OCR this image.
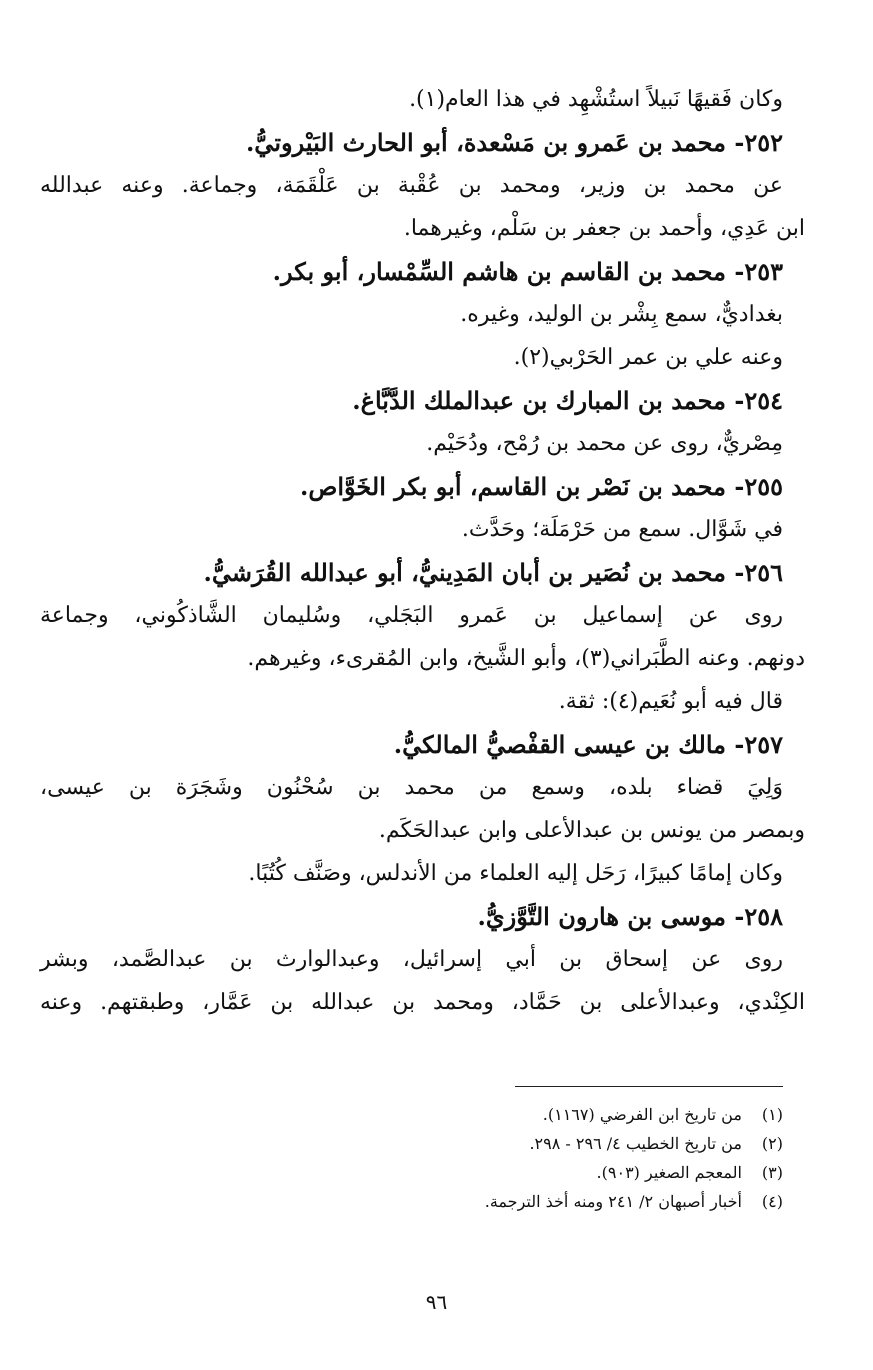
وكان فَقيهًا نَبيلاً استُشْهِد في هذا العام(١).
٢٥٢- محمد بن عَمرو بن مَسْعدة، أبو الحارث البَيْروتيُّ.
عن محمد بن وزير، ومحمد بن عُقْبة بن عَلْقَمَة، وجماعة. وعنه عبدالله
ابن عَدِي، وأحمد بن جعفر بن سَلْم، وغيرهما.
٢٥٣- محمد بن القاسم بن هاشم السِّمْسار، أبو بكر.
بغداديٌّ، سمع بِشْر بن الوليد، وغيره.
وعنه علي بن عمر الحَرْبي(٢).
٢٥٤- محمد بن المبارك بن عبدالملك الدَّبَّاغ.
مِصْريٌّ، روى عن محمد بن رُمْح، ودُحَيْم.
٢٥٥- محمد بن نَصْر بن القاسم، أبو بكر الخَوَّاص.
في شَوَّال. سمع من حَرْمَلَة؛ وحَدَّث.
٢٥٦- محمد بن نُصَير بن أبان المَدِينيُّ، أبو عبدالله القُرَشيُّ.
روى عن إسماعيل بن عَمرو البَجَلي، وسُليمان الشَّاذكُوني، وجماعة
دونهم. وعنه الطَّبَراني(٣)، وأبو الشَّيخ، وابن المُقرىء، وغيرهم.
قال فيه أبو نُعَيم(٤): ثقة.
٢٥٧- مالك بن عيسى القفْصيُّ المالكيُّ.
وَلِيَ قضاء بلده، وسمع من محمد بن سُحْنُون وشَجَرَة بن عيسى،
وبمصر من يونس بن عبدالأعلى وابن عبدالحَكَم.
وكان إمامًا كبيرًا، رَحَل إليه العلماء من الأندلس، وصَنَّف كُتُبًا.
٢٥٨- موسى بن هارون التَّوَّزيُّ.
روى عن إسحاق بن أبي إسرائيل، وعبدالوارث بن عبدالصَّمد، وبشر
الكِنْدي، وعبدالأعلى بن حَمَّاد، ومحمد بن عبدالله بن عَمَّار، وطبقتهم. وعنه
(١) من تاريخ ابن الفرضي (١١٦٧).
(٢) من تاريخ الخطيب ٤/ ٢٩٦ - ٢٩٨.
(٣) المعجم الصغير (٩٠٣).
(٤) أخبار أصبهان ٢/ ٢٤١ ومنه أخذ الترجمة.
٩٦
